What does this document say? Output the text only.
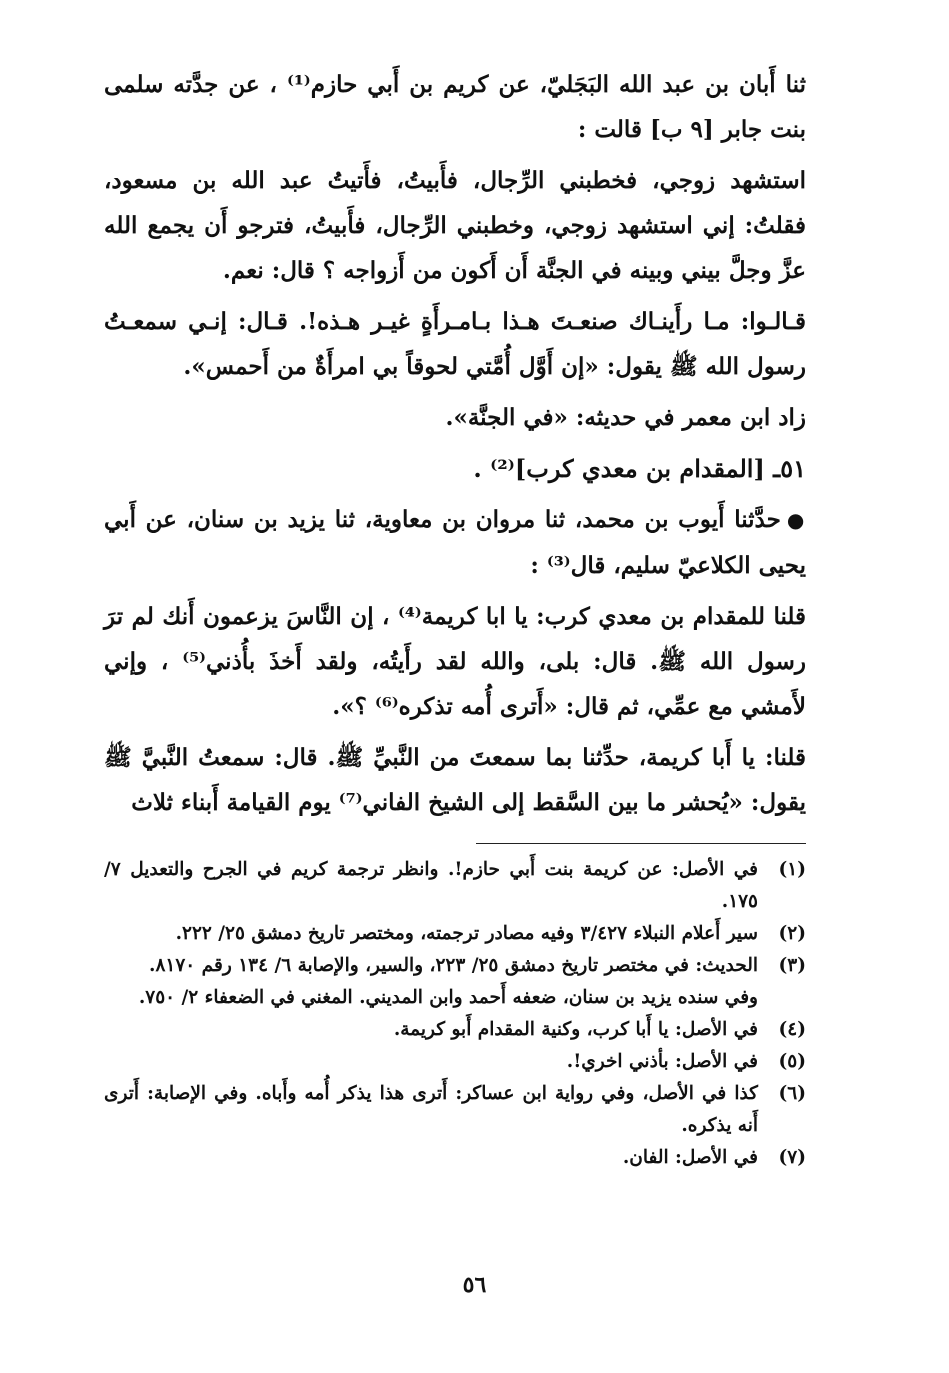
ثنا أَبان بن عبد الله البَجَليّ، عن كريم بن أَبي حازم⁽¹⁾ ، عن جدَّته سلمى بنت جابر [٩ ب] قالت :

استشهد زوجي، فخطبني الرِّجال، فأَبيتُ، فأَتيتُ عبد الله بن مسعود، فقلتُ: إني استشهد زوجي، وخطبني الرِّجال، فأَبيتُ، فترجو أَن يجمع الله عزَّ وجلَّ بيني وبينه في الجنَّة أَن أَكون من أَزواجه ؟ قال: نعم.

قـالـوا: مـا رأَينـاك صنعـتَ هـذا بـامـرأَةٍ غيـر هـذه!. قـال: إنـي سمعـتُ رسول الله ﷺ يقول: «إن أَوَّل أُمَّتي لحوقاً بي امرأَةٌ من أَحمس».

زاد ابن معمر في حديثه: «في الجنَّة».

٥١ـ [المقدام بن معدي كرب]⁽²⁾ .

●حدَّثنا أَيوب بن محمد، ثنا مروان بن معاوية، ثنا يزيد بن سنان، عن أَبي يحيى الكلاعيّ سليم، قال⁽³⁾ :

قلنا للمقدام بن معدي كرب: يا ابا كريمة⁽⁴⁾ ، إن النَّاسَ يزعمون أَنك لم ترَ رسول الله ﷺ. قال: بلى، والله لقد رأَيتُه، ولقد أَخذَ بأُذني⁽⁵⁾ ، وإني لأَمشي مع عمِّي، ثم قال: «أَترى أُمه تذكره⁽⁶⁾ ؟».

قلنا: يا أَبا كريمة، حدِّثنا بما سمعتَ من النَّبيِّ ﷺ. قال: سمعتُ النَّبيَّ ﷺ يقول: «يُحشر ما بين السَّقط إلى الشيخ الفاني⁽⁷⁾ يوم القيامة أَبناء ثلاث

(١)
في الأصل: عن كريمة بنت أَبي حازم!. وانظر ترجمة كريم في الجرح والتعديل ٧/ ١٧٥.
(٢)
سير أَعلام النبلاء ٣/٤٢٧ وفيه مصادر ترجمته، ومختصر تاريخ دمشق ٢٥/ ٢٢٢.
(٣)
الحديث: في مختصر تاريخ دمشق ٢٥/ ٢٢٣، والسير، والإصابة ٦/ ١٣٤ رقم ٨١٧٠.
وفي سنده يزيد بن سنان، ضعفه أَحمد وابن المديني. المغني في الضعفاء ٢/ ٧٥٠.
(٤)
في الأصل: يا أَبا كرب، وكنية المقدام أَبو كريمة.
(٥)
في الأصل: بأذني اخري!.
(٦)
كذا في الأصل، وفي رواية ابن عساكر: أَترى هذا يذكر أُمه وأَباه. وفي الإصابة: أَترى أَنه يذكره.
(٧)
في الأصل: الفان.
٥٦
